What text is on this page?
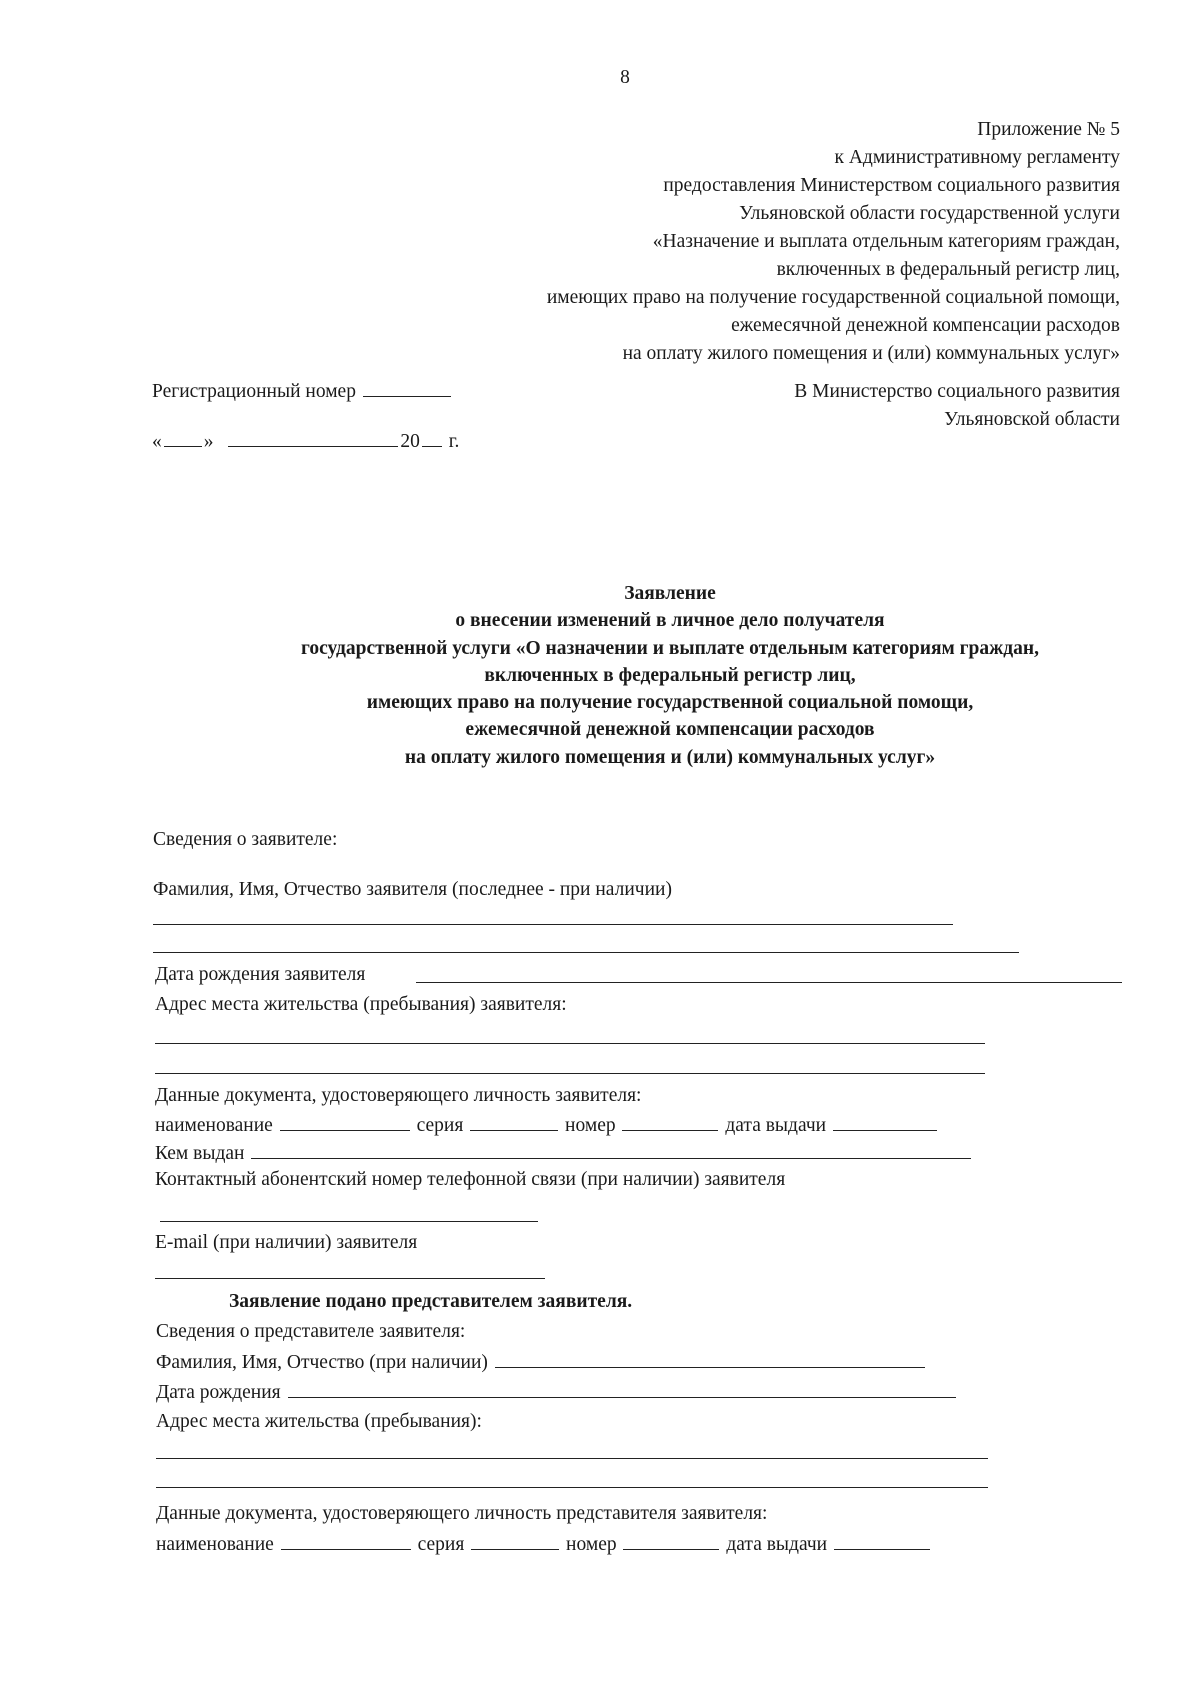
8
Приложение № 5
к Административному регламенту
предоставления Министерством социального развития
Ульяновской области государственной услуги
«Назначение и выплата отдельным категориям граждан,
включенных в федеральный регистр лиц,
имеющих право на получение государственной социальной помощи,
ежемесячной денежной компенсации расходов
на оплату жилого помещения и (или) коммунальных услуг»
Регистрационный номер
« »	20 г.
В Министерство социального развития
Ульяновской области
Заявление
о внесении изменений в личное дело получателя
государственной услуги «О назначении и выплате отдельным категориям граждан,
включенных в федеральный регистр лиц,
имеющих право на получение государственной социальной помощи,
ежемесячной денежной компенсации расходов
на оплату жилого помещения и (или) коммунальных услуг»
Сведения о заявителе:
Фамилия, Имя, Отчество заявителя (последнее - при наличии)
Дата рождения заявителя
Адрес места жительства (пребывания) заявителя:
Данные документа, удостоверяющего личность заявителя:
наименование	серия	номер	дата выдачи
Кем выдан
Контактный абонентский номер телефонной связи (при наличии) заявителя
E-mail (при наличии) заявителя
Заявление подано представителем заявителя.
Сведения о представителе заявителя:
Фамилия, Имя, Отчество (при наличии)
Дата рождения
Адрес места жительства (пребывания):
Данные документа, удостоверяющего личность представителя заявителя:
наименование	серия	номер	дата выдачи
